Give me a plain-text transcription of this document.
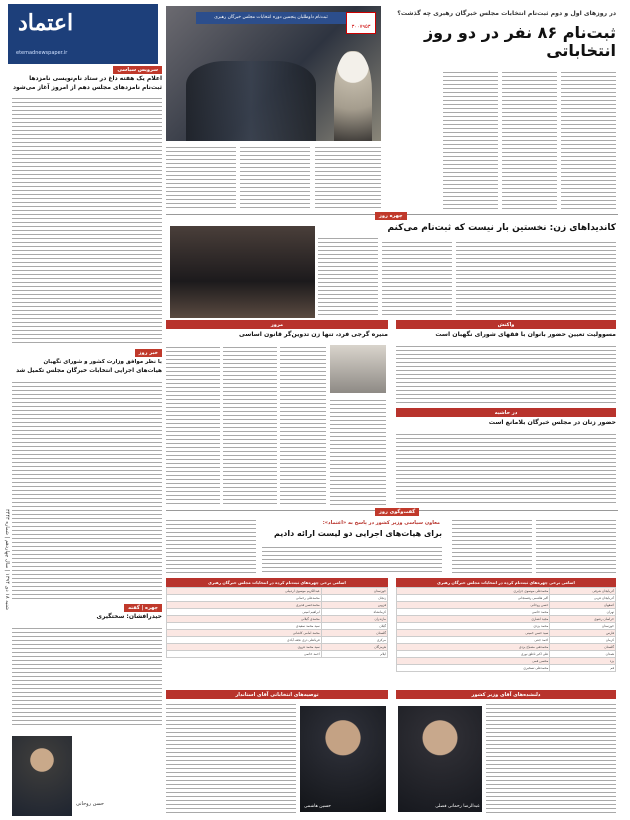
اعتماد
etemadnewspaper.ir
شنبه ۱۸ دی ۱۳۹۴ | سال چهاردهم | شماره ۳۴۴۳
در روزهای اول و دوم ثبت‌نام انتخابات مجلس خبرگان رهبری چه گذشت؟
ثبت‌نام ۸۶ نفر در دو روز انتخاباتی
ثبت‌نام داوطلبان پنجمین دوره انتخابات مجلس خبرگان رهبری
۳۰۰۷۹۵۳
سرویس سیاسی
اعلام یک هفته داغ در ستاد نام‌نویسی نامزدها
ثبت‌نام نامزدهای مجلس دهم از امروز آغاز می‌شود
خبر روز
با نظر موافق وزارت کشور و شورای نگهبان
هیات‌های اجرایی انتخابات خبرگان مجلس تکمیل شد
چهره | گفته
حیدرافشان: سختگیری
حسن روحانی
چهره روز
کاندیداهای زن: نخستین بار نیست که ثبت‌نام می‌کنم
واکنش
مسوولیت تعیین حضور بانوان با فقهای شورای نگهبان است
در حاشیه
حضور زنان در مجلس خبرگان بلامانع است
مرور
منیره گرجی فرد، تنها زن تدوین‌گر قانون اساسی
گفت‌وگوی روز
معاون سیاسی وزیر کشور در پاسخ به «اعتماد»:
برای هیات‌های اجرایی دو لیست ارائه دادیم
اسامی برخی چهره‌های ثبت‌نام کرده در انتخابات مجلس خبرگان رهبری
آذربایجان شرقی	محمدعلی موسوی جزایری
آذربایجان غربی	اکبر هاشمی رفسنجانی
اصفهان	حسن روحانی
تهران	محمد خاتمی
خراسان رضوی	مجید انصاری
خوزستان	محمد یزدی
فارس	سید حسن خمینی
کرمان	احمد جنتی
گلستان	محمدتقی مصباح یزدی
همدان	علی اکبر ناطق نوری
یزد	محسن قمی
قم	محمدعلی تسخیری
اسامی برخی چهره‌های ثبت‌نام کرده در انتخابات مجلس خبرگان رهبری
خوزستان	عبدالکریم موسوی اردبیلی
زنجان	محمدعلی رحمانی
قزوین	محمدحسن قدیری
کرمانشاه	ابراهیم امینی
مازندران	محمدی گیلانی
گیلان	سید محمد سعیدی
گلستان	محمد امامی کاشانی
مرکزی	قربانعلی دری نجف آبادی
هرمزگان	سید محمد غروی
ایلام	احمد خاتمی
دلنشده‌های آقای وزیر کشور
عبدالرضا رحمانی فضلی
توصیه‌های انتخاباتی آقای استاندار
حسین هاشمی
